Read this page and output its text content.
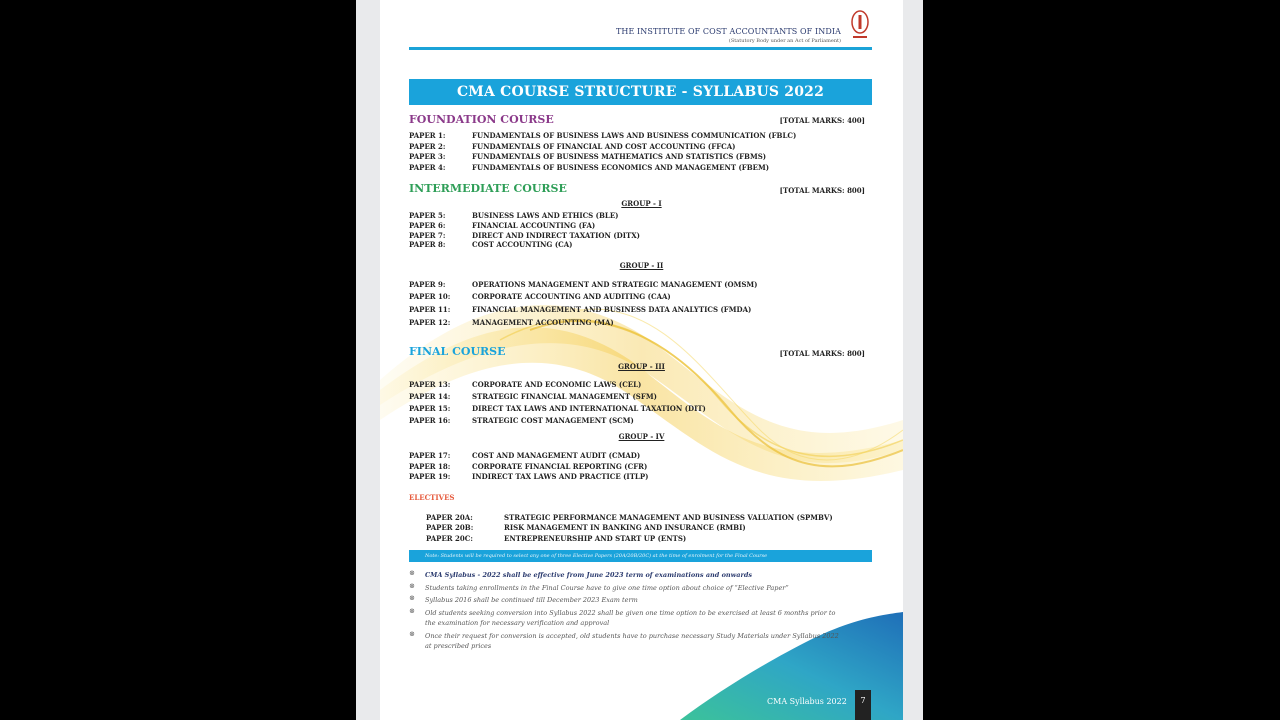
THE INSTITUTE OF COST ACCOUNTANTS OF INDIA
(Statutory Body under an Act of Parliament)
CMA COURSE STRUCTURE - SYLLABUS 2022
FOUNDATION COURSE	[TOTAL MARKS: 400]
PAPER 1:	FUNDAMENTALS OF BUSINESS LAWS AND BUSINESS COMMUNICATION (FBLC)
PAPER 2:	FUNDAMENTALS OF FINANCIAL AND COST ACCOUNTING (FFCA)
PAPER 3:	FUNDAMENTALS OF BUSINESS MATHEMATICS AND STATISTICS (FBMS)
PAPER 4:	FUNDAMENTALS OF BUSINESS ECONOMICS AND MANAGEMENT (FBEM)
INTERMEDIATE COURSE	[TOTAL MARKS: 800]
GROUP - I
PAPER 5:	BUSINESS LAWS AND ETHICS (BLE)
PAPER 6:	FINANCIAL ACCOUNTING (FA)
PAPER 7:	DIRECT AND INDIRECT TAXATION (DITX)
PAPER 8:	COST ACCOUNTING (CA)
GROUP - II
PAPER 9:	OPERATIONS MANAGEMENT AND STRATEGIC MANAGEMENT (OMSM)
PAPER 10:	CORPORATE ACCOUNTING AND AUDITING (CAA)
PAPER 11:	FINANCIAL MANAGEMENT AND BUSINESS DATA ANALYTICS (FMDA)
PAPER 12:	MANAGEMENT ACCOUNTING (MA)
FINAL COURSE	[TOTAL MARKS: 800]
GROUP - III
PAPER 13:	CORPORATE AND ECONOMIC LAWS (CEL)
PAPER 14:	STRATEGIC FINANCIAL MANAGEMENT (SFM)
PAPER 15:	DIRECT TAX LAWS AND INTERNATIONAL TAXATION (DIT)
PAPER 16:	STRATEGIC COST MANAGEMENT (SCM)
GROUP - IV
PAPER 17:	COST AND MANAGEMENT AUDIT (CMAD)
PAPER 18:	CORPORATE FINANCIAL REPORTING (CFR)
PAPER 19:	INDIRECT TAX LAWS AND PRACTICE (ITLP)
ELECTIVES
PAPER 20A:	STRATEGIC PERFORMANCE MANAGEMENT AND BUSINESS VALUATION (SPMBV)
PAPER 20B:	RISK MANAGEMENT IN BANKING AND INSURANCE (RMBI)
PAPER 20C:	ENTREPRENEURSHIP AND START UP (ENTS)
Note: Students will be required to select any one of three Elective Papers (20A/20B/20C) at the time of enrolment for the Final Course
⊗ CMA Syllabus - 2022 shall be effective from June 2023 term of examinations and onwards
⊗ Students taking enrollments in the Final Course have to give one time option about choice of “Elective Paper”
⊗ Syllabus 2016 shall be continued till December 2023 Exam term
⊗ Old students seeking conversion into Syllabus 2022 shall be given one time option to be exercised at least 6 months prior to the examination for necessary verification and approval
⊗ Once their request for conversion is accepted, old students have to purchase necessary Study Materials under Syllabus 2022 at prescribed prices
CMA Syllabus 2022	7
